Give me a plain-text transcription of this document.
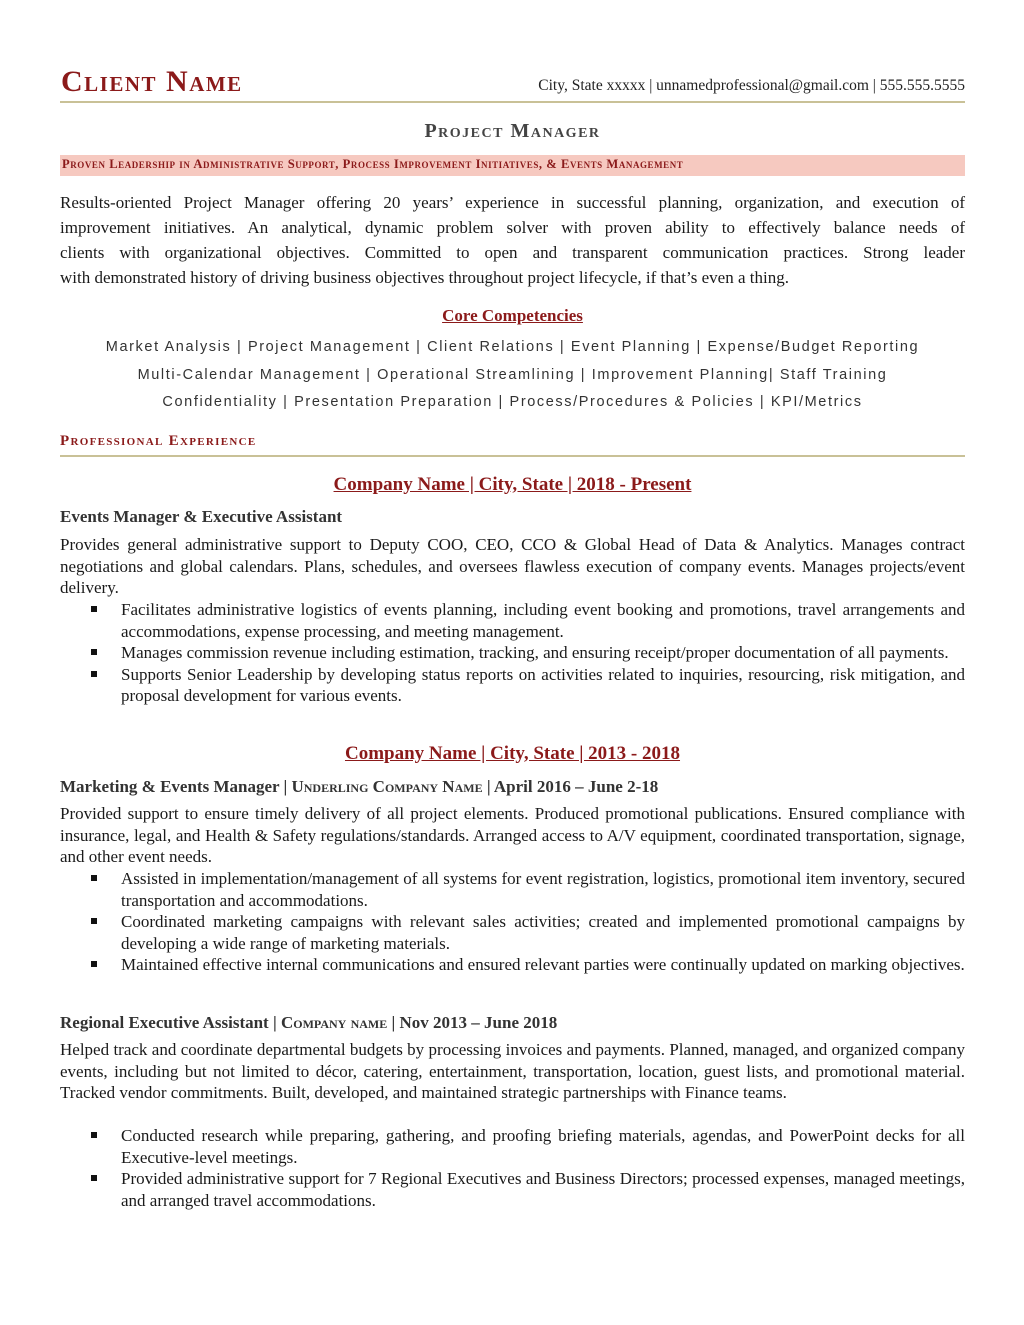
Client Name	City, State xxxxx | unnamedprofessional@gmail.com | 555.555.5555
Project Manager
Proven Leadership in Administrative Support, Process Improvement Initiatives, & Events Management

Results-oriented Project Manager offering 20 years’ experience in successful planning, organization, and execution of
improvement initiatives. An analytical, dynamic problem solver with proven ability to effectively balance needs of
clients with organizational objectives. Committed to open and transparent communication practices. Strong leader
with demonstrated history of driving business objectives throughout project lifecycle, if that’s even a thing.

Core Competencies
Market Analysis | Project Management | Client Relations | Event Planning | Expense/Budget Reporting
Multi-Calendar Management | Operational Streamlining | Improvement Planning| Staff Training
Confidentiality | Presentation Preparation | Process/Procedures & Policies | KPI/Metrics
Professional Experience
Company Name | City, State | 2018 - Present
Events Manager & Executive Assistant

Provides general administrative support to Deputy COO, CEO, CCO & Global Head of Data & Analytics. Manages contract negotiations and global calendars. Plans, schedules, and oversees flawless execution of company events. Manages projects/event delivery.

Facilitates administrative logistics of events planning, including event booking and promotions, travel arrangements and accommodations, expense processing, and meeting management.
Manages commission revenue including estimation, tracking, and ensuring receipt/proper documentation of all payments.
Supports Senior Leadership by developing status reports on activities related to inquiries, resourcing, risk mitigation, and proposal development for various events.
Company Name | City, State | 2013 - 2018
Marketing & Events Manager | Underling Company Name | April 2016 – June 2-18

Provided support to ensure timely delivery of all project elements. Produced promotional publications. Ensured compliance with insurance, legal, and Health & Safety regulations/standards. Arranged access to A/V equipment, coordinated transportation, signage, and other event needs.

Assisted in implementation/management of all systems for event registration, logistics, promotional item inventory, secured transportation and accommodations.
Coordinated marketing campaigns with relevant sales activities; created and implemented promotional campaigns by developing a wide range of marketing materials.
Maintained effective internal communications and ensured relevant parties were continually updated on marking objectives.
Regional Executive Assistant | Company name | Nov 2013 – June 2018

Helped track and coordinate departmental budgets by processing invoices and payments. Planned, managed, and organized company events, including but not limited to décor, catering, entertainment, transportation, location, guest lists, and promotional material. Tracked vendor commitments. Built, developed, and maintained strategic partnerships with Finance teams.

Conducted research while preparing, gathering, and proofing briefing materials, agendas, and PowerPoint decks for all Executive-level meetings.
Provided administrative support for 7 Regional Executives and Business Directors; processed expenses, managed meetings, and arranged travel accommodations.
